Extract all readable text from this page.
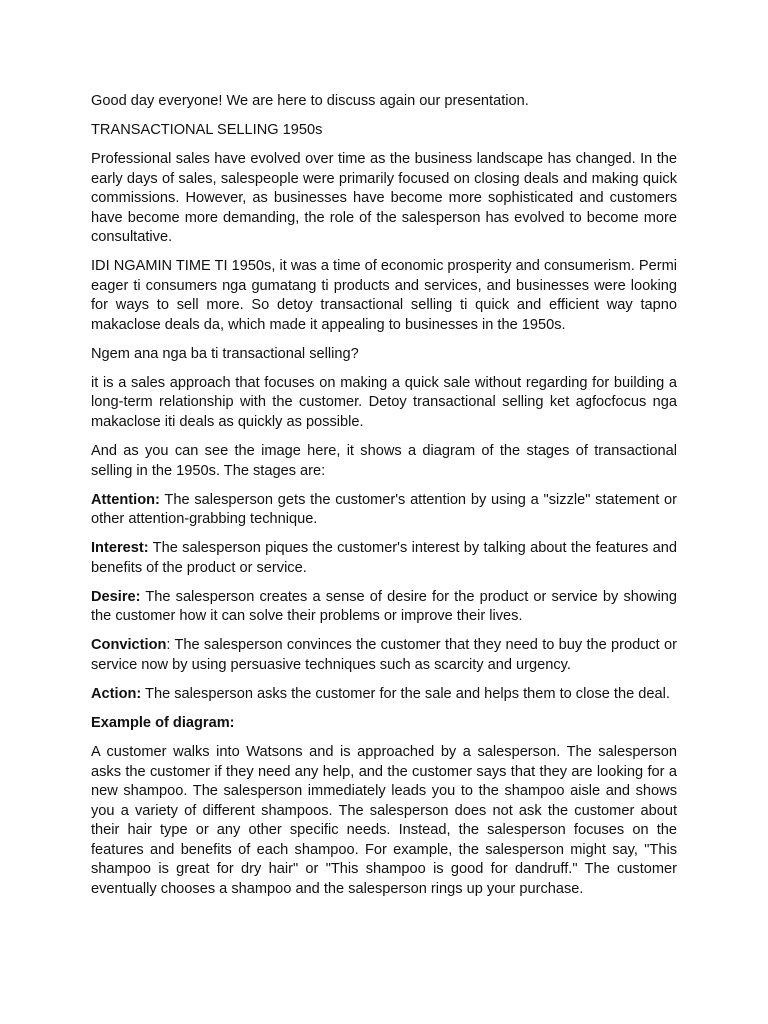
Good day everyone! We are here to discuss again our presentation.

TRANSACTIONAL SELLING 1950s

Professional sales have evolved over time as the business landscape has changed. In the early days of sales, salespeople were primarily focused on closing deals and making quick commissions. However, as businesses have become more sophisticated and customers have become more demanding, the role of the salesperson has evolved to become more consultative.

IDI NGAMIN TIME TI 1950s, it was a time of economic prosperity and consumerism. Permi eager ti consumers nga gumatang ti products and services, and businesses were looking for ways to sell more. So detoy transactional selling ti quick and efficient way tapno makaclose deals da, which made it appealing to businesses in the 1950s.

Ngem ana nga ba ti transactional selling?

it is a sales approach that focuses on making a quick sale without regarding for building a long-term relationship with the customer. Detoy transactional selling ket agfocfocus nga makaclose iti deals as quickly as possible.

And as you can see the image here, it shows a diagram of the stages of transactional selling in the 1950s. The stages are:

Attention: The salesperson gets the customer's attention by using a "sizzle" statement or other attention-grabbing technique.

Interest: The salesperson piques the customer's interest by talking about the features and benefits of the product or service.

Desire: The salesperson creates a sense of desire for the product or service by showing the customer how it can solve their problems or improve their lives.

Conviction: The salesperson convinces the customer that they need to buy the product or service now by using persuasive techniques such as scarcity and urgency.

Action: The salesperson asks the customer for the sale and helps them to close the deal.

Example of diagram:

A customer walks into Watsons and is approached by a salesperson. The salesperson asks the customer if they need any help, and the customer says that they are looking for a new shampoo. The salesperson immediately leads you to the shampoo aisle and shows you a variety of different shampoos. The salesperson does not ask the customer about their hair type or any other specific needs. Instead, the salesperson focuses on the features and benefits of each shampoo. For example, the salesperson might say, "This shampoo is great for dry hair" or "This shampoo is good for dandruff." The customer eventually chooses a shampoo and the salesperson rings up your purchase.
